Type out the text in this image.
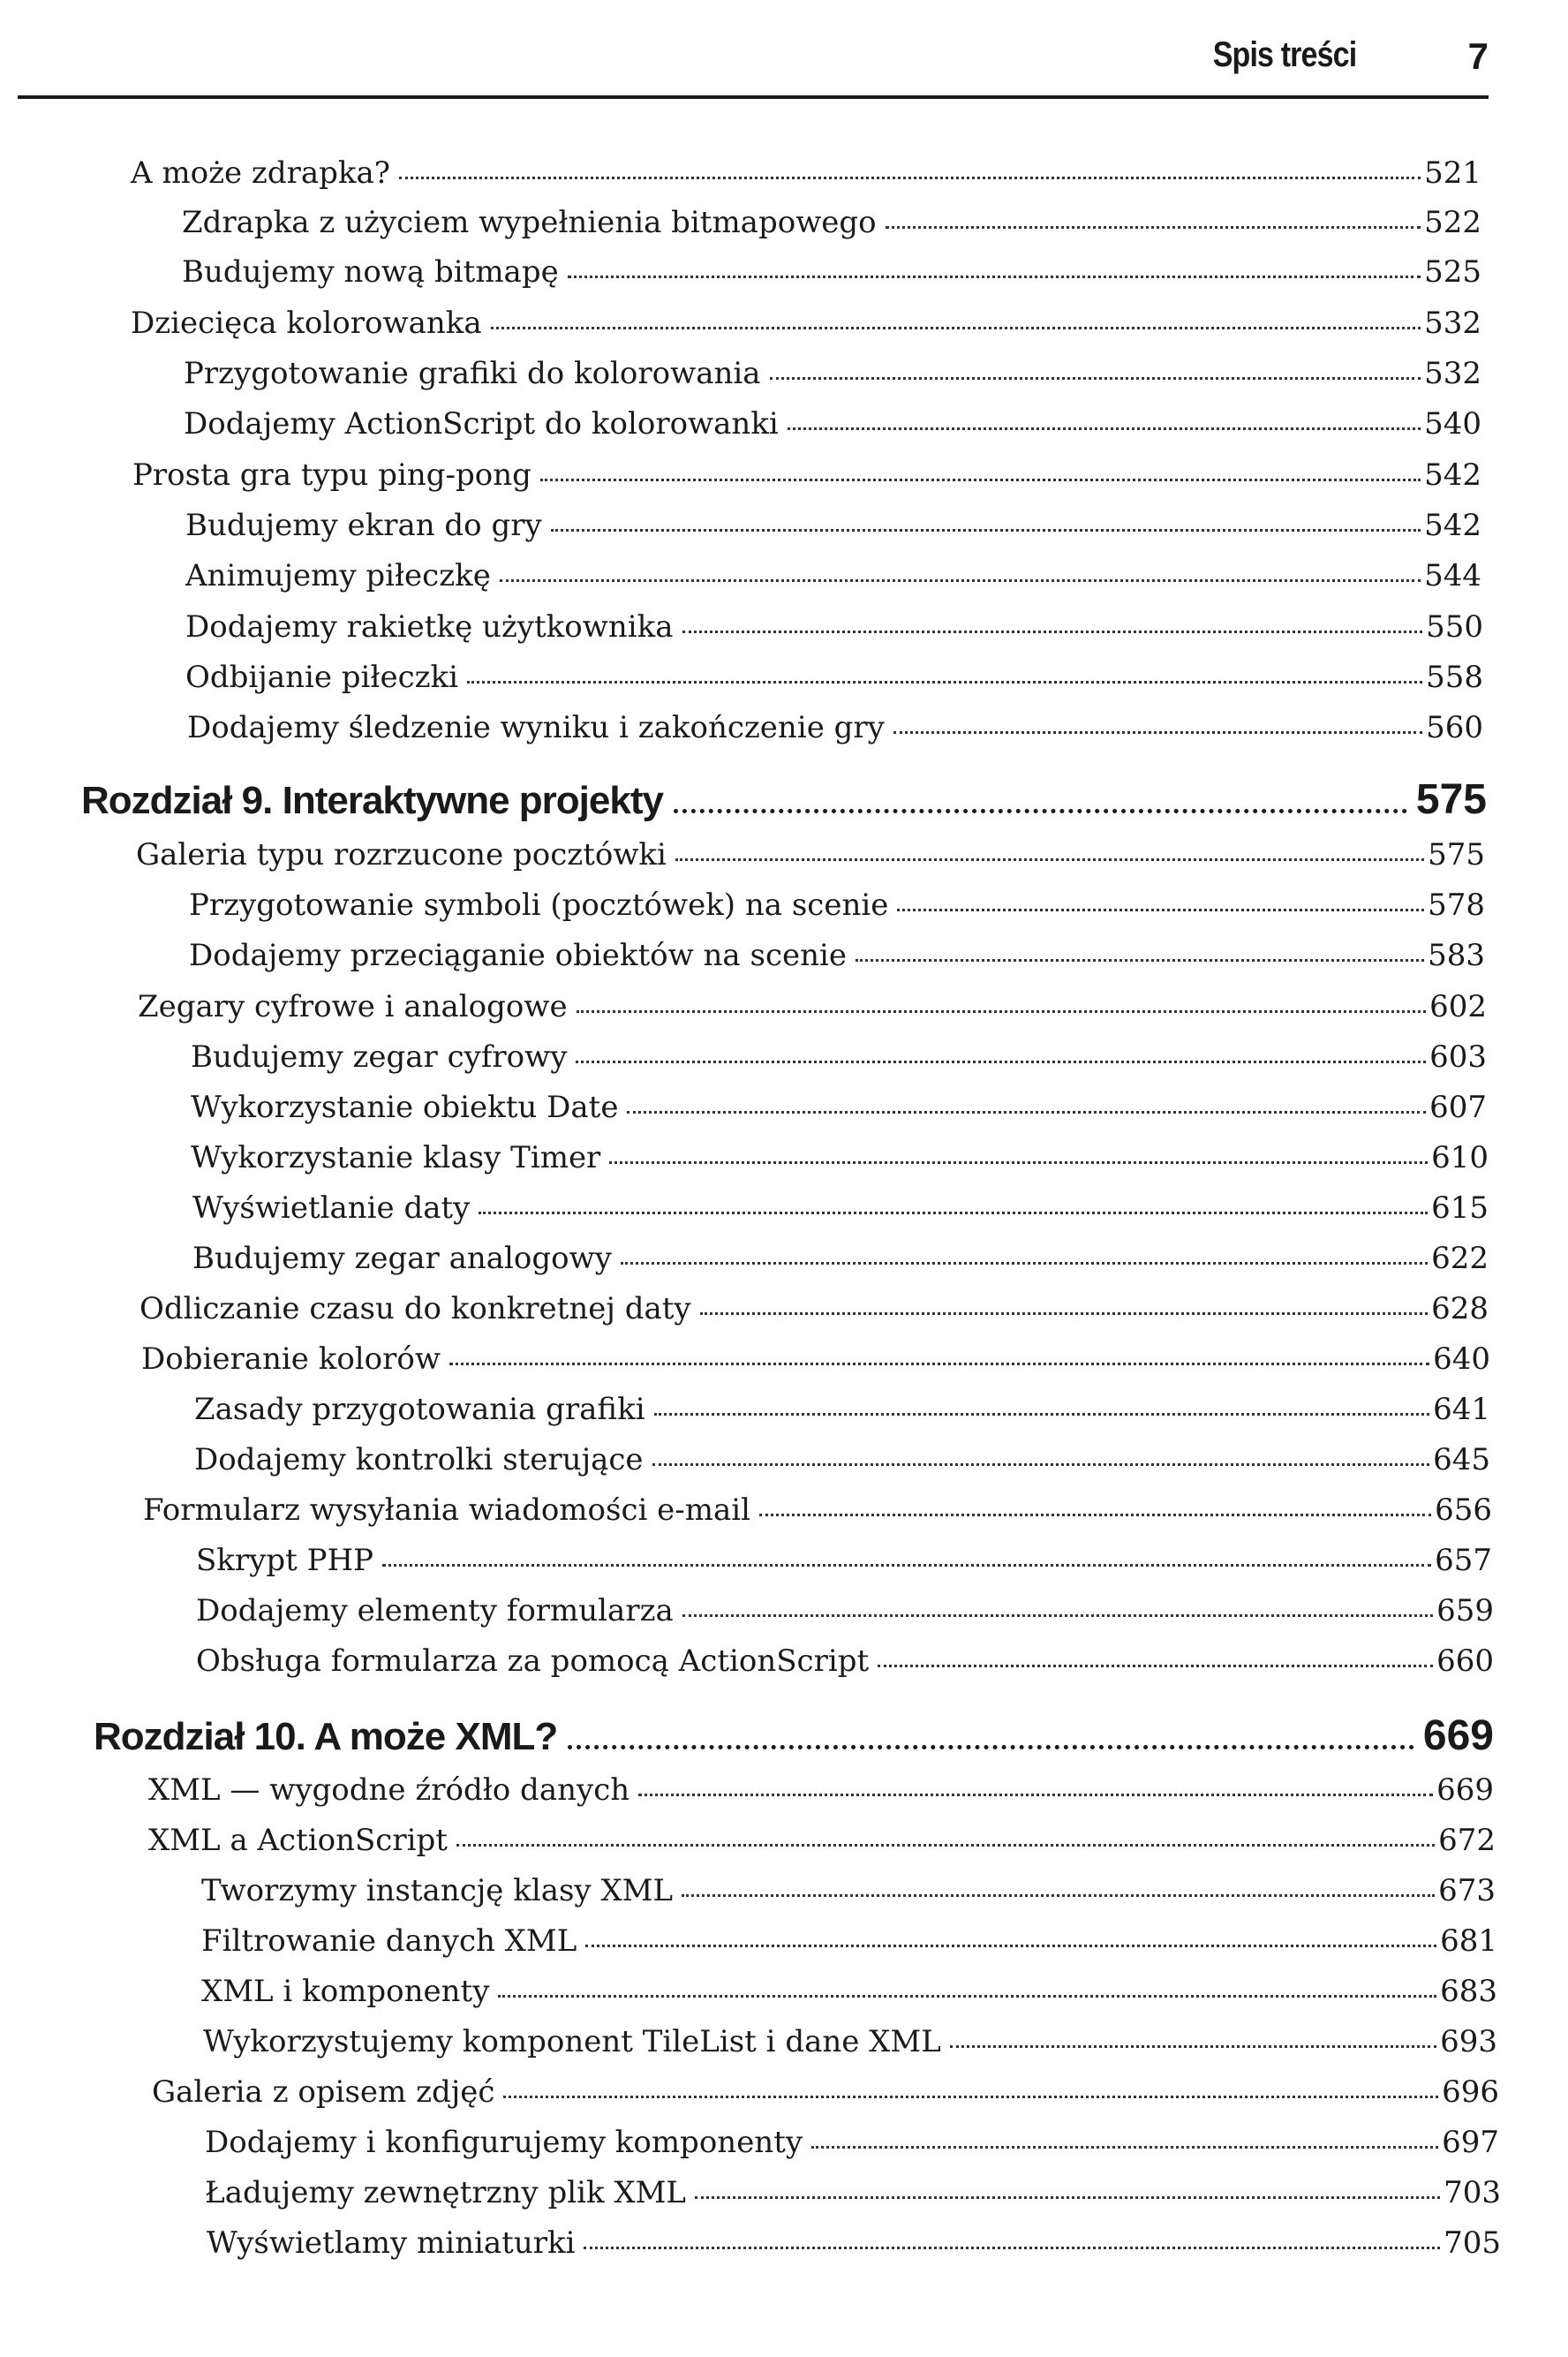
Spis treści	7
A może zdrapka?	521
Zdrapka z użyciem wypełnienia bitmapowego	522
Budujemy nową bitmapę	525
Dziecięca kolorowanka	532
Przygotowanie grafiki do kolorowania	532
Dodajemy ActionScript do kolorowanki	540
Prosta gra typu ping-pong	542
Budujemy ekran do gry	542
Animujemy piłeczkę	544
Dodajemy rakietkę użytkownika	550
Odbijanie piłeczki	558
Dodajemy śledzenie wyniku i zakończenie gry	560
Rozdział 9. Interaktywne projekty	575
Galeria typu rozrzucone pocztówki	575
Przygotowanie symboli (pocztówek) na scenie	578
Dodajemy przeciąganie obiektów na scenie	583
Zegary cyfrowe i analogowe	602
Budujemy zegar cyfrowy	603
Wykorzystanie obiektu Date	607
Wykorzystanie klasy Timer	610
Wyświetlanie daty	615
Budujemy zegar analogowy	622
Odliczanie czasu do konkretnej daty	628
Dobieranie kolorów	640
Zasady przygotowania grafiki	641
Dodajemy kontrolki sterujące	645
Formularz wysyłania wiadomości e-mail	656
Skrypt PHP	657
Dodajemy elementy formularza	659
Obsługa formularza za pomocą ActionScript	660
Rozdział 10. A może XML?	669
XML — wygodne źródło danych	669
XML a ActionScript	672
Tworzymy instancję klasy XML	673
Filtrowanie danych XML	681
XML i komponenty	683
Wykorzystujemy komponent TileList i dane XML	693
Galeria z opisem zdjęć	696
Dodajemy i konfigurujemy komponenty	697
Ładujemy zewnętrzny plik XML	703
Wyświetlamy miniaturki	705
